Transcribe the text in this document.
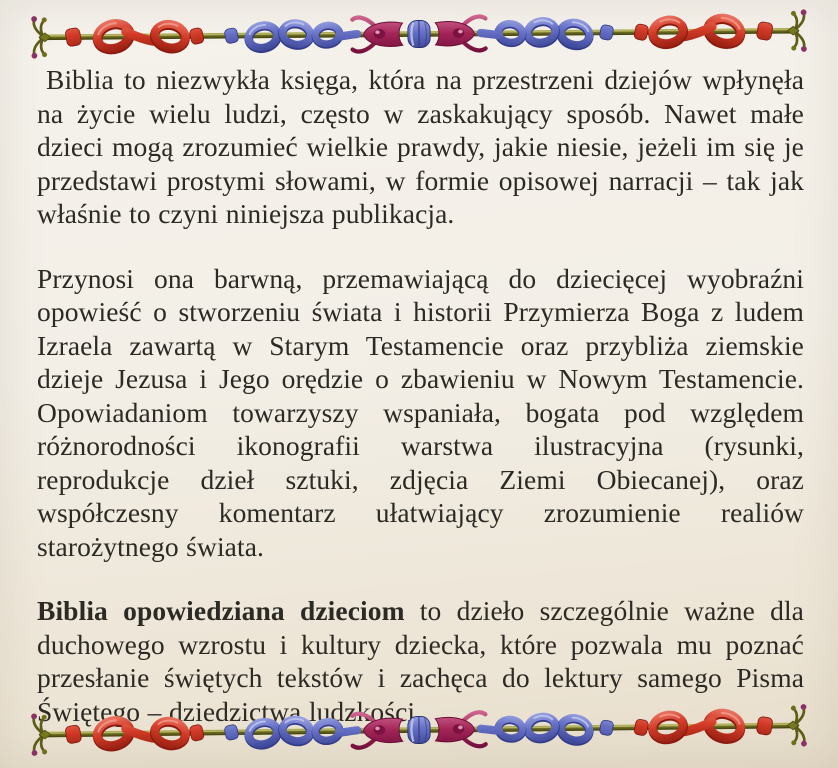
Biblia to niezwykła księga, która na przestrzeni dziejów wpłynęła na życie wielu ludzi, często w zaskakujący sposób. Nawet małe dzieci mogą zrozumieć wielkie prawdy, jakie niesie, jeżeli im się je przedstawi prostymi słowami, w formie opisowej narracji – tak jak właśnie to czyni niniejsza publikacja.

Przynosi ona barwną, przemawiającą do dziecięcej wyobraźni opowieść o stworzeniu świata i historii Przymierza Boga z ludem Izraela zawartą w Starym Testamencie oraz przybliża ziemskie dzieje Jezusa i Jego orędzie o zbawieniu w Nowym Testamencie. Opowiadaniom towarzyszy wspaniała, bogata pod względem różnorodności ikonografii warstwa ilustracyjna (rysunki, reprodukcje dzieł sztuki, zdjęcia Ziemi Obiecanej), oraz współczesny komentarz ułatwiający zrozumienie realiów starożytnego świata.

Biblia opowiedziana dzieciom to dzieło szczególnie ważne dla duchowego wzrostu i kultury dziecka, które pozwala mu poznać przesłanie świętych tekstów i zachęca do lektury samego Pisma Świętego – dziedzictwa ludzkości.
